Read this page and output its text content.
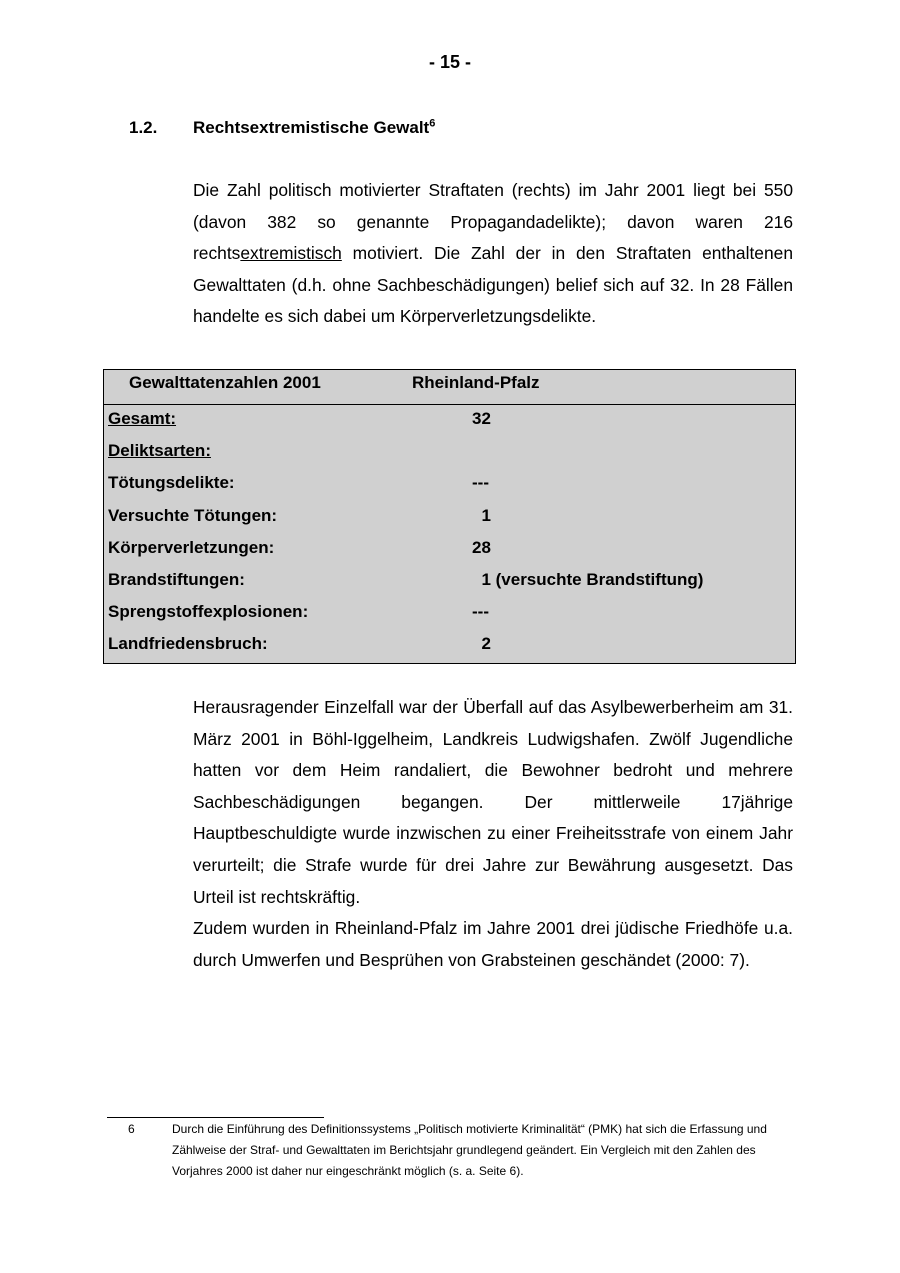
- 15 -
1.2. Rechtsextremistische Gewalt$^6$

Die Zahl politisch motivierter Straftaten (rechts) im Jahr 2001 liegt bei 550 (davon 382 so genannte Propagandadelikte); davon waren 216 rechtsextremistisch motiviert. Die Zahl der in den Straftaten enthaltenen Gewalttaten (d.h. ohne Sachbeschädigungen) belief sich auf 32. In 28 Fällen handelte es sich dabei um Körperverletzungsdelikte.

Gewalttatenzahlen 2001	Rheinland-Pfalz
Gesamt:	32
Deliktsarten:
Tötungsdelikte:	---
Versuchte Tötungen:	1
Körperverletzungen:	28
Brandstiftungen:	1 (versuchte Brandstiftung)
Sprengstoffexplosionen:	---
Landfriedensbruch:	2

Herausragender Einzelfall war der Überfall auf das Asylbewerberheim am 31. März 2001 in Böhl-Iggelheim, Landkreis Ludwigshafen. Zwölf Jugendliche hatten vor dem Heim randaliert, die Bewohner bedroht und mehrere Sachbeschädigungen begangen. Der mittlerweile 17jährige Hauptbeschuldigte wurde inzwischen zu einer Freiheitsstrafe von einem Jahr verurteilt; die Strafe wurde für drei Jahre zur Bewährung ausgesetzt. Das Urteil ist rechtskräftig.

Zudem wurden in Rheinland-Pfalz im Jahre 2001 drei jüdische Friedhöfe u.a. durch Umwerfen und Besprühen von Grabsteinen geschändet (2000: 7).

6	Durch die Einführung des Definitionssystems „Politisch motivierte Kriminalität“ (PMK) hat sich die Erfassung und Zählweise der Straf- und Gewalttaten im Berichtsjahr grundlegend geändert. Ein Vergleich mit den Zahlen des Vorjahres 2000 ist daher nur eingeschränkt möglich (s. a. Seite 6).
